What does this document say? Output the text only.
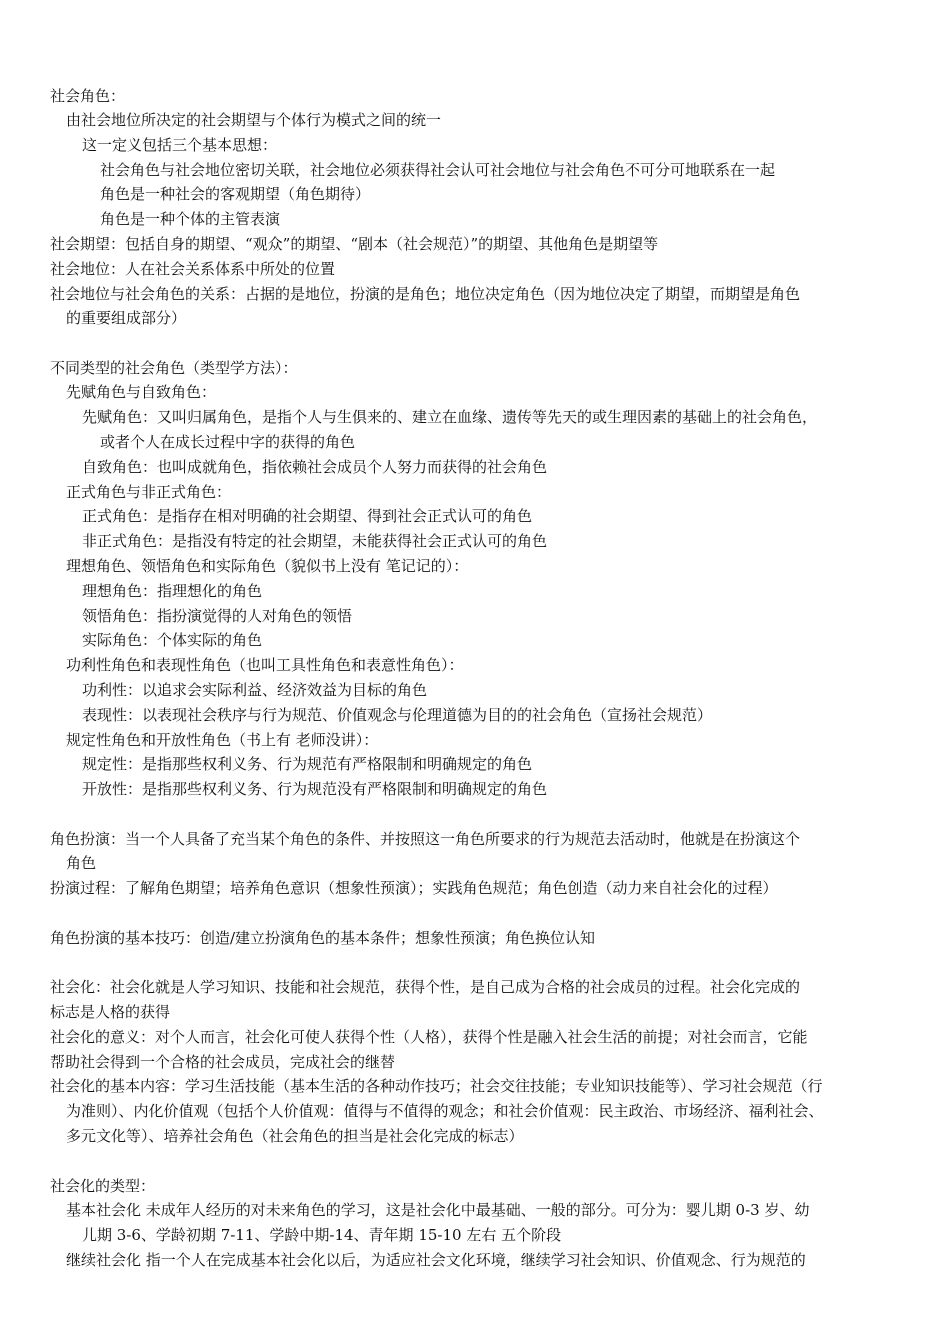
社会角色：
由社会地位所决定的社会期望与个体行为模式之间的统一
这一定义包括三个基本思想：
社会角色与社会地位密切关联，社会地位必须获得社会认可社会地位与社会角色不可分可地联系在一起
角色是一种社会的客观期望（角色期待）
角色是一种个体的主管表演
社会期望：包括自身的期望、“观众”的期望、“剧本（社会规范）”的期望、其他角色是期望等
社会地位：人在社会关系体系中所处的位置
社会地位与社会角色的关系：占据的是地位，扮演的是角色；地位决定角色（因为地位决定了期望，而期望是角色
的重要组成部分）
不同类型的社会角色（类型学方法）：
先赋角色与自致角色：
先赋角色：又叫归属角色，是指个人与生俱来的、建立在血缘、遗传等先天的或生理因素的基础上的社会角色，
或者个人在成长过程中字的获得的角色
自致角色：也叫成就角色，指依赖社会成员个人努力而获得的社会角色
正式角色与非正式角色：
正式角色：是指存在相对明确的社会期望、得到社会正式认可的角色
非正式角色：是指没有特定的社会期望，未能获得社会正式认可的角色
理想角色、领悟角色和实际角色（貌似书上没有 笔记记的）：
理想角色：指理想化的角色
领悟角色：指扮演觉得的人对角色的领悟
实际角色：个体实际的角色
功利性角色和表现性角色（也叫工具性角色和表意性角色）：
功利性：以追求会实际利益、经济效益为目标的角色
表现性：以表现社会秩序与行为规范、价值观念与伦理道德为目的的社会角色（宣扬社会规范）
规定性角色和开放性角色（书上有 老师没讲）：
规定性：是指那些权利义务、行为规范有严格限制和明确规定的角色
开放性：是指那些权利义务、行为规范没有严格限制和明确规定的角色
角色扮演：当一个人具备了充当某个角色的条件、并按照这一角色所要求的行为规范去活动时，他就是在扮演这个
角色
扮演过程：了解角色期望；培养角色意识（想象性预演）；实践角色规范；角色创造（动力来自社会化的过程）
角色扮演的基本技巧：创造/建立扮演角色的基本条件；想象性预演；角色换位认知
社会化：社会化就是人学习知识、技能和社会规范，获得个性，是自己成为合格的社会成员的过程。社会化完成的
标志是人格的获得
社会化的意义：对个人而言，社会化可使人获得个性（人格），获得个性是融入社会生活的前提；对社会而言，它能
帮助社会得到一个合格的社会成员，完成社会的继替
社会化的基本内容：学习生活技能（基本生活的各种动作技巧；社会交往技能；专业知识技能等）、学习社会规范（行
为准则）、内化价值观（包括个人价值观：值得与不值得的观念；和社会价值观：民主政治、市场经济、福利社会、
多元文化等）、培养社会角色（社会角色的担当是社会化完成的标志）
社会化的类型：
基本社会化 未成年人经历的对未来角色的学习，这是社会化中最基础、一般的部分。可分为：婴儿期 0-3 岁、幼
儿期 3-6、学龄初期 7-11、学龄中期-14、青年期 15-10 左右 五个阶段
继续社会化 指一个人在完成基本社会化以后，为适应社会文化环境，继续学习社会知识、价值观念、行为规范的
